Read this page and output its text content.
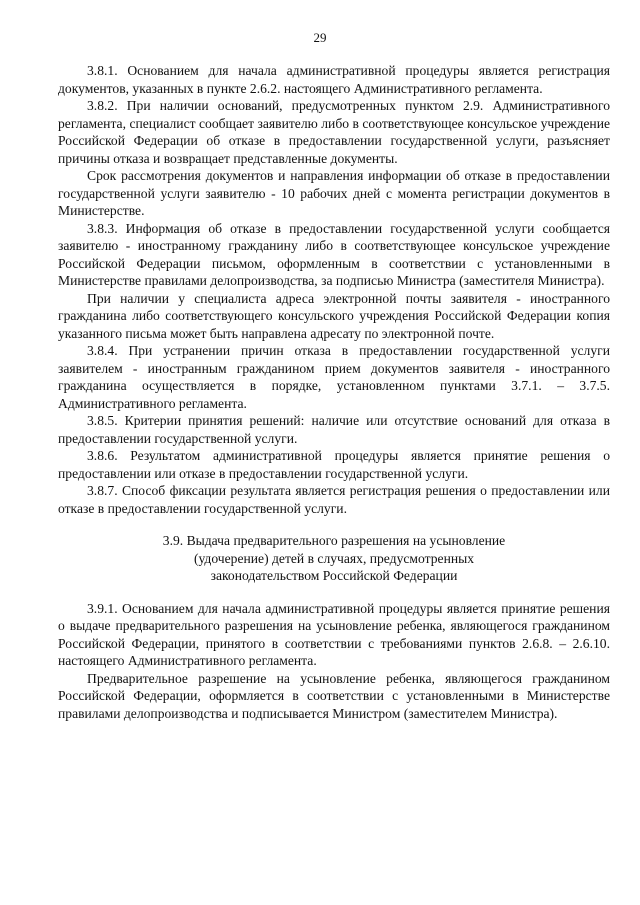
29

3.8.1. Основанием для начала административной процедуры является регистрация документов, указанных в пункте 2.6.2. настоящего Административного регламента.

3.8.2. При наличии оснований, предусмотренных пунктом 2.9. Административного регламента, специалист сообщает заявителю либо в соответствующее консульское учреждение Российской Федерации об отказе в предоставлении государственной услуги, разъясняет причины отказа и возвращает представленные документы.

Срок рассмотрения документов и направления информации об отказе в предоставлении государственной услуги заявителю - 10 рабочих дней с момента регистрации документов в Министерстве.

3.8.3. Информация об отказе в предоставлении государственной услуги сообщается заявителю - иностранному гражданину либо в соответствующее консульское учреждение Российской Федерации письмом, оформленным в соответствии с установленными в Министерстве правилами делопроизводства, за подписью Министра (заместителя Министра).

При наличии у специалиста адреса электронной почты заявителя - иностранного гражданина либо соответствующего консульского учреждения Российской Федерации копия указанного письма может быть направлена адресату по электронной почте.

3.8.4. При устранении причин отказа в предоставлении государственной услуги заявителем - иностранным гражданином прием документов заявителя - иностранного гражданина осуществляется в порядке, установленном пунктами 3.7.1. – 3.7.5. Административного регламента.

3.8.5. Критерии принятия решений: наличие или отсутствие оснований для отказа в предоставлении государственной услуги.

3.8.6. Результатом административной процедуры является принятие решения о предоставлении или отказе в предоставлении государственной услуги.

3.8.7. Способ фиксации результата является регистрация решения о предоставлении или отказе в предоставлении государственной услуги.

3.9. Выдача предварительного разрешения на усыновление
(удочерение) детей в случаях, предусмотренных
законодательством Российской Федерации

3.9.1. Основанием для начала административной процедуры является принятие решения о выдаче предварительного разрешения на усыновление ребенка, являющегося гражданином Российской Федерации, принятого в соответствии с требованиями пунктов 2.6.8. – 2.6.10. настоящего Административного регламента.

Предварительное разрешение на усыновление ребенка, являющегося гражданином Российской Федерации, оформляется в соответствии с установленными в Министерстве правилами делопроизводства и подписывается Министром (заместителем Министра).
